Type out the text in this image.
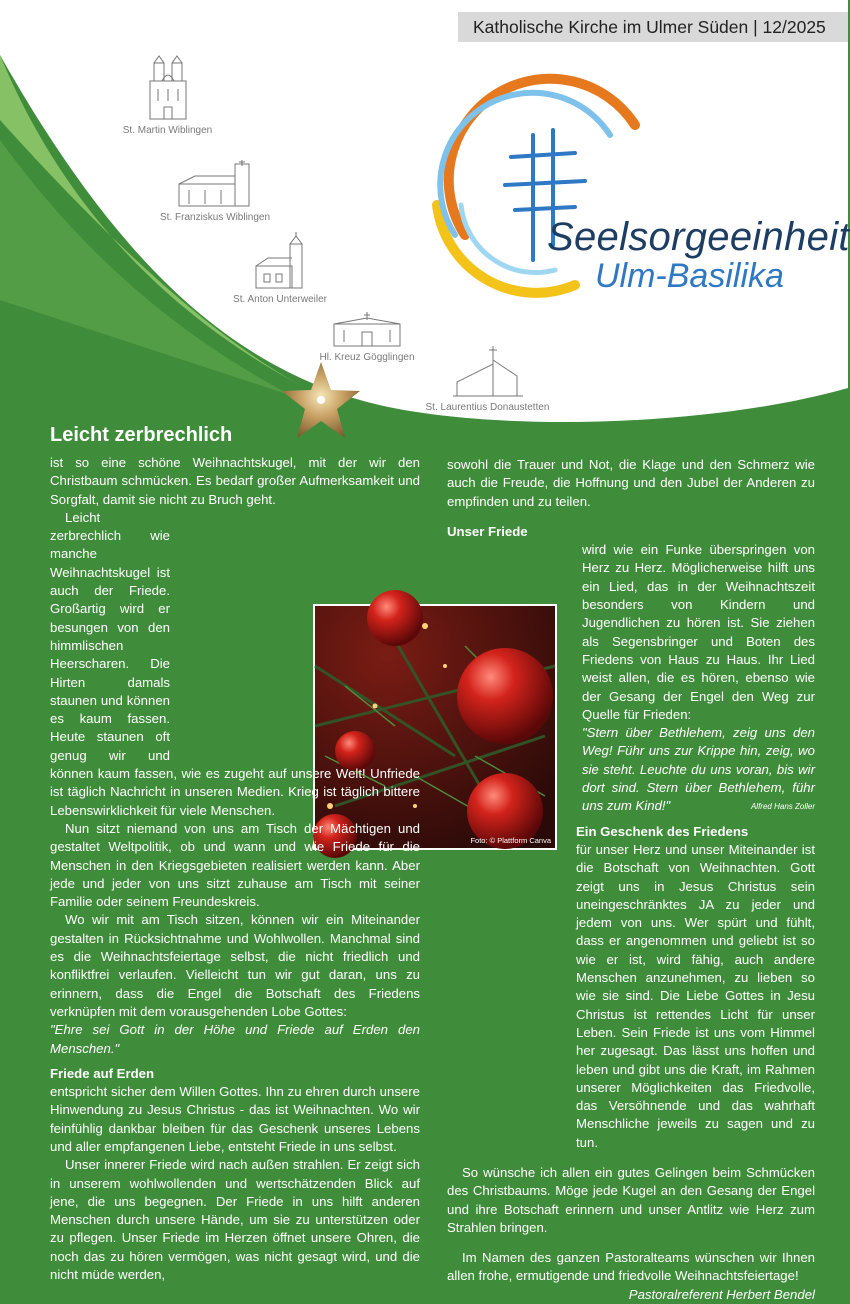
Katholische Kirche im Ulmer Süden | 12/2025
St. Martin Wiblingen
St. Franziskus Wiblingen
St. Anton Unterweiler
Hl. Kreuz Gögglingen
St. Laurentius Donaustetten
Seelsorgeeinheit
Ulm-Basilika
Leicht zerbrechlich
Foto: © Plattform Canva

ist so eine schöne Weihnachtskugel, mit der wir den Christbaum schmücken. Es bedarf großer Aufmerksamkeit und Sorgfalt, damit sie nicht zu Bruch geht.

Leicht zerbrechlich wie manche Weihnachtskugel ist auch der Friede. Großartig wird er besungen von den himmlischen Heerscharen. Die Hirten damals staunen und können es kaum fassen. Heute staunen oft genug wir und können kaum fassen, wie es zugeht auf unsere Welt! Unfriede ist täglich Nachricht in unseren Medien. Krieg ist täglich bittere Lebenswirklichkeit für viele Menschen.

Nun sitzt niemand von uns am Tisch der Mächtigen und gestaltet Weltpolitik, ob und wann und wie Friede für die Menschen in den Kriegsgebieten realisiert werden kann. Aber jede und jeder von uns sitzt zuhause am Tisch mit seiner Familie oder seinem Freundeskreis.

Wo wir mit am Tisch sitzen, können wir ein Miteinander gestalten in Rücksichtnahme und Wohlwollen. Manchmal sind es die Weihnachtsfeiertage selbst, die nicht friedlich und konfliktfrei verlaufen. Vielleicht tun wir gut daran, uns zu erinnern, dass die Engel die Botschaft des Friedens verknüpfen mit dem vorausgehenden Lobe Gottes:

"Ehre sei Gott in der Höhe und Friede auf Erden den Menschen."

Friede auf Erden

entspricht sicher dem Willen Gottes. Ihn zu ehren durch unsere Hinwendung zu Jesus Christus - das ist Weihnachten. Wo wir feinfühlig dankbar bleiben für das Geschenk unseres Lebens und aller empfangenen Liebe, entsteht Friede in uns selbst.

Unser innerer Friede wird nach außen strahlen. Er zeigt sich in unserem wohlwollenden und wertschätzenden Blick auf jene, die uns begegnen. Der Friede in uns hilft anderen Menschen durch unsere Hände, um sie zu unterstützen oder zu pflegen. Unser Friede im Herzen öffnet unsere Ohren, die noch das zu hören vermögen, was nicht gesagt wird, und die nicht müde werden,

sowohl die Trauer und Not, die Klage und den Schmerz wie auch die Freude, die Hoffnung und den Jubel der Anderen zu empfinden und zu teilen.

Unser Friede

wird wie ein Funke überspringen von Herz zu Herz. Möglicherweise hilft uns ein Lied, das in der Weihnachtszeit besonders von Kindern und Jugendlichen zu hören ist. Sie ziehen als Segensbringer und Boten des Friedens von Haus zu Haus. Ihr Lied weist allen, die es hören, ebenso wie der Gesang der Engel den Weg zur Quelle für Frieden:

"Stern über Bethlehem, zeig uns den Weg! Führ uns zur Krippe hin, zeig, wo sie steht. Leuchte du uns voran, bis wir dort sind. Stern über Bethlehem, führ uns zum Kind!"	Alfred Hans Zoller

Ein Geschenk des Friedens

für unser Herz und unser Miteinander ist die Botschaft von Weihnachten. Gott zeigt uns in Jesus Christus sein uneingeschränktes JA zu jeder und jedem von uns. Wer spürt und fühlt, dass er angenommen und geliebt ist so wie er ist, wird fähig, auch andere Menschen anzunehmen, zu lieben so wie sie sind. Die Liebe Gottes in Jesu Christus ist rettendes Licht für unser Leben. Sein Friede ist uns vom Himmel her zugesagt. Das lässt uns hoffen und leben und gibt uns die Kraft, im Rahmen unserer Möglichkeiten das Friedvolle, das Versöhnende und das wahrhaft Menschliche jeweils zu sagen und zu tun.

So wünsche ich allen ein gutes Gelingen beim Schmücken des Christbaums. Möge jede Kugel an den Gesang der Engel und ihre Botschaft erinnern und unser Antlitz wie Herz zum Strahlen bringen.

Im Namen des ganzen Pastoralteams wünschen wir Ihnen allen frohe, ermutigende und friedvolle Weihnachtsfeiertage!

Pastoralreferent Herbert Bendel
